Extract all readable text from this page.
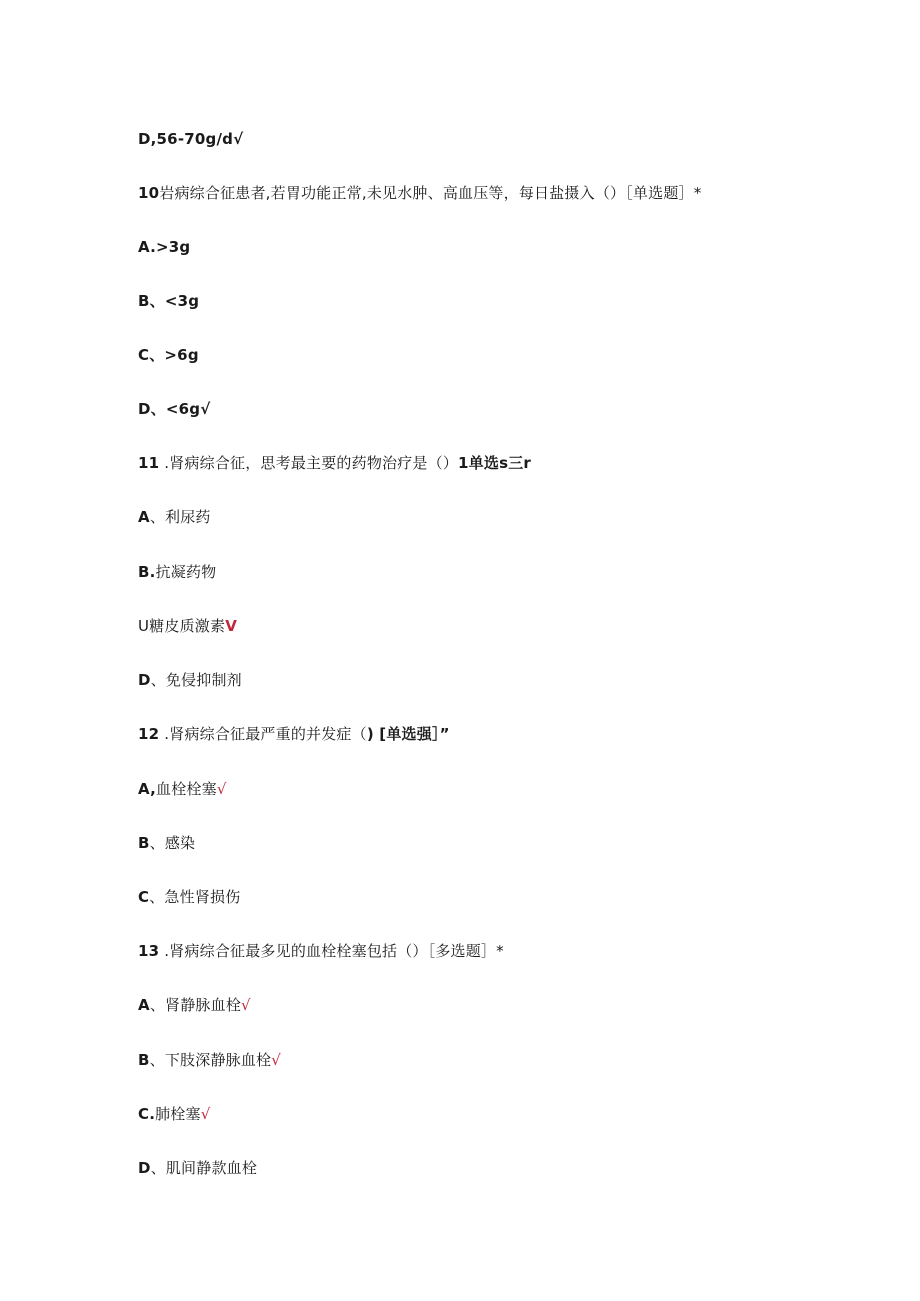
D,56-70g/d√
10岩病综合征患者,若胃功能正常,未见水肿、高血压等，每日盐摄入（）［单选题］*
A.>3g
B、<3g
C、>6g
D、<6g√
11 .肾病综合征，思考最主要的药物治疗是（）1单选s三r
A、利尿药
B.抗凝药物
U糖皮质激素V
D、免侵抑制剂
12 .肾病综合征最严重的并发症（) [单选强］”
A,血栓栓塞√
B、感染
C、急性肾损伤
13 .肾病综合征最多见的血栓栓塞包括（）［多选题］*
A、肾静脉血栓√
B、下肢深静脉血栓√
C.肺栓塞√
D、肌间静款血栓
